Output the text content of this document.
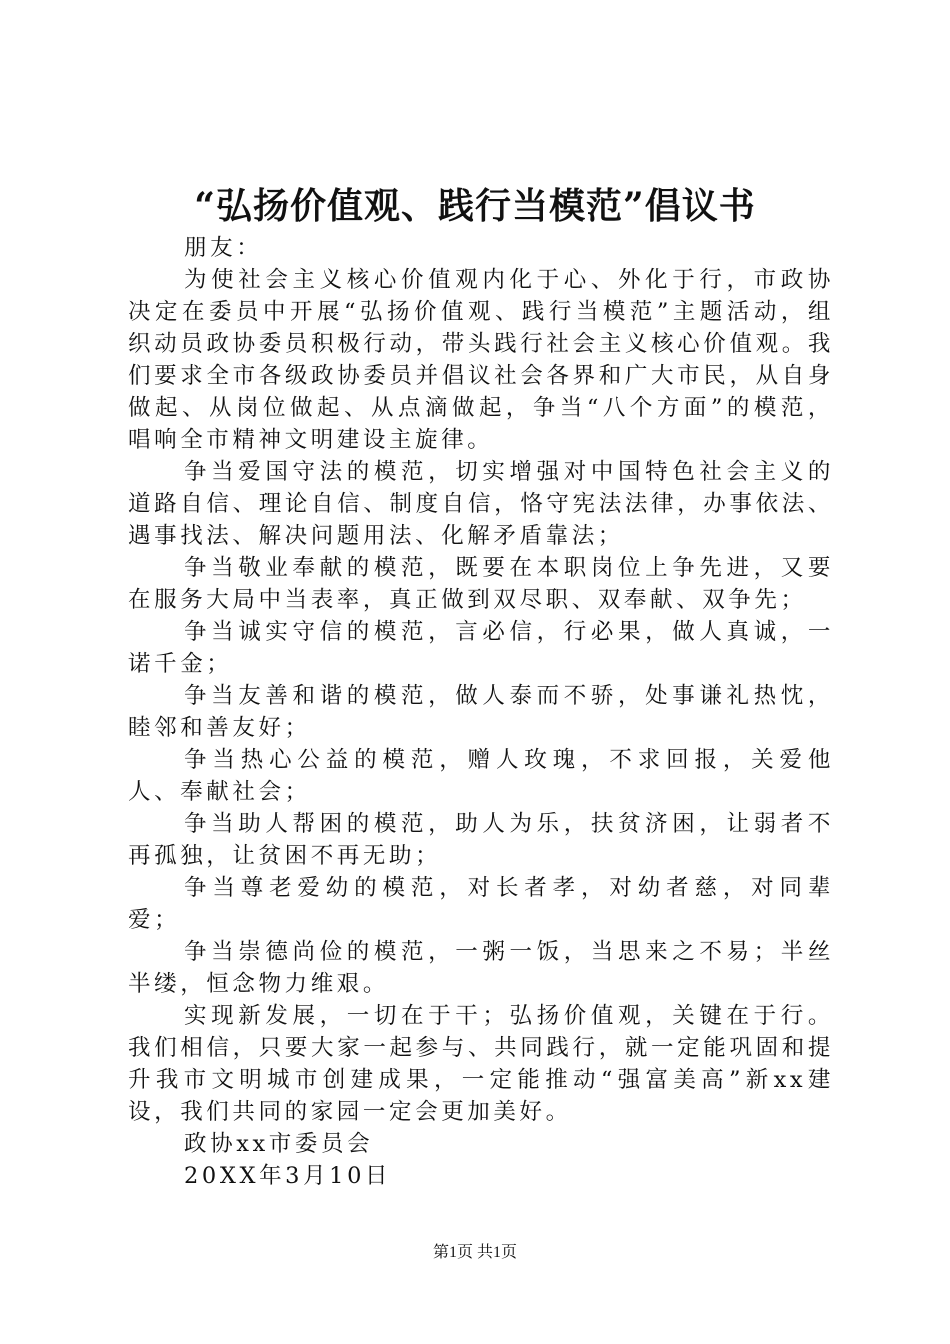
“弘扬价值观、践行当模范”倡议书

朋友：

为使社会主义核心价值观内化于心、外化于行，市政协决定在委员中开展“弘扬价值观、践行当模范”主题活动，组织动员政协委员积极行动，带头践行社会主义核心价值观。我们要求全市各级政协委员并倡议社会各界和广大市民，从自身做起、从岗位做起、从点滴做起，争当“八个方面”的模范，唱响全市精神文明建设主旋律。

争当爱国守法的模范，切实增强对中国特色社会主义的道路自信、理论自信、制度自信，恪守宪法法律，办事依法、遇事找法、解决问题用法、化解矛盾靠法；

争当敬业奉献的模范，既要在本职岗位上争先进，又要在服务大局中当表率，真正做到双尽职、双奉献、双争先；

争当诚实守信的模范，言必信，行必果，做人真诚，一诺千金；

争当友善和谐的模范，做人泰而不骄，处事谦礼热忱，睦邻和善友好；

争当热心公益的模范，赠人玫瑰，不求回报，关爱他人、奉献社会；

争当助人帮困的模范，助人为乐，扶贫济困，让弱者不再孤独，让贫困不再无助；

争当尊老爱幼的模范，对长者孝，对幼者慈，对同辈爱；

争当崇德尚俭的模范，一粥一饭，当思来之不易；半丝半缕，恒念物力维艰。

实现新发展，一切在于干；弘扬价值观，关键在于行。我们相信，只要大家一起参与、共同践行，就一定能巩固和提升我市文明城市创建成果，一定能推动“强富美高”新xx建设，我们共同的家园一定会更加美好。

政协xx市委员会

20XX年3月10日

第1页 共1页
